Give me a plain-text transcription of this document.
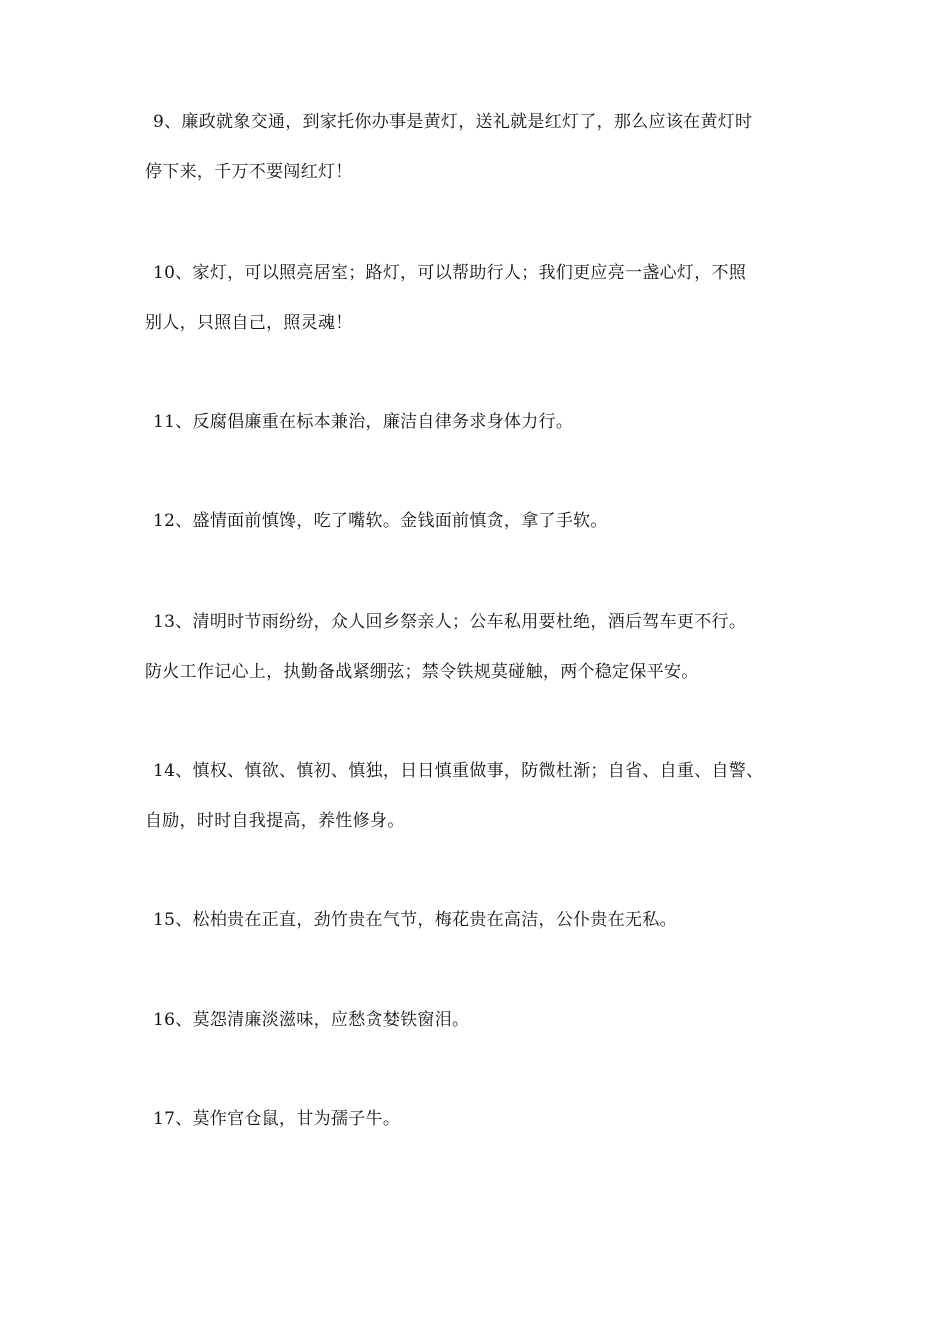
9、廉政就象交通，到家托你办事是黄灯，送礼就是红灯了，那么应该在黄灯时
停下来，千万不要闯红灯！
10、家灯，可以照亮居室；路灯，可以帮助行人；我们更应亮一盏心灯，不照
别人，只照自己，照灵魂！
11、反腐倡廉重在标本兼治，廉洁自律务求身体力行。
12、盛情面前慎馋，吃了嘴软。金钱面前慎贪，拿了手软。
13、清明时节雨纷纷，众人回乡祭亲人；公车私用要杜绝，酒后驾车更不行。
防火工作记心上，执勤备战紧绷弦；禁令铁规莫碰触，两个稳定保平安。
14、慎权、慎欲、慎初、慎独，日日慎重做事，防微杜渐；自省、自重、自警、
自励，时时自我提高，养性修身。
15、松柏贵在正直，劲竹贵在气节，梅花贵在高洁，公仆贵在无私。
16、莫怨清廉淡滋味，应愁贪婪铁窗泪。
17、莫作官仓鼠，甘为孺子牛。
